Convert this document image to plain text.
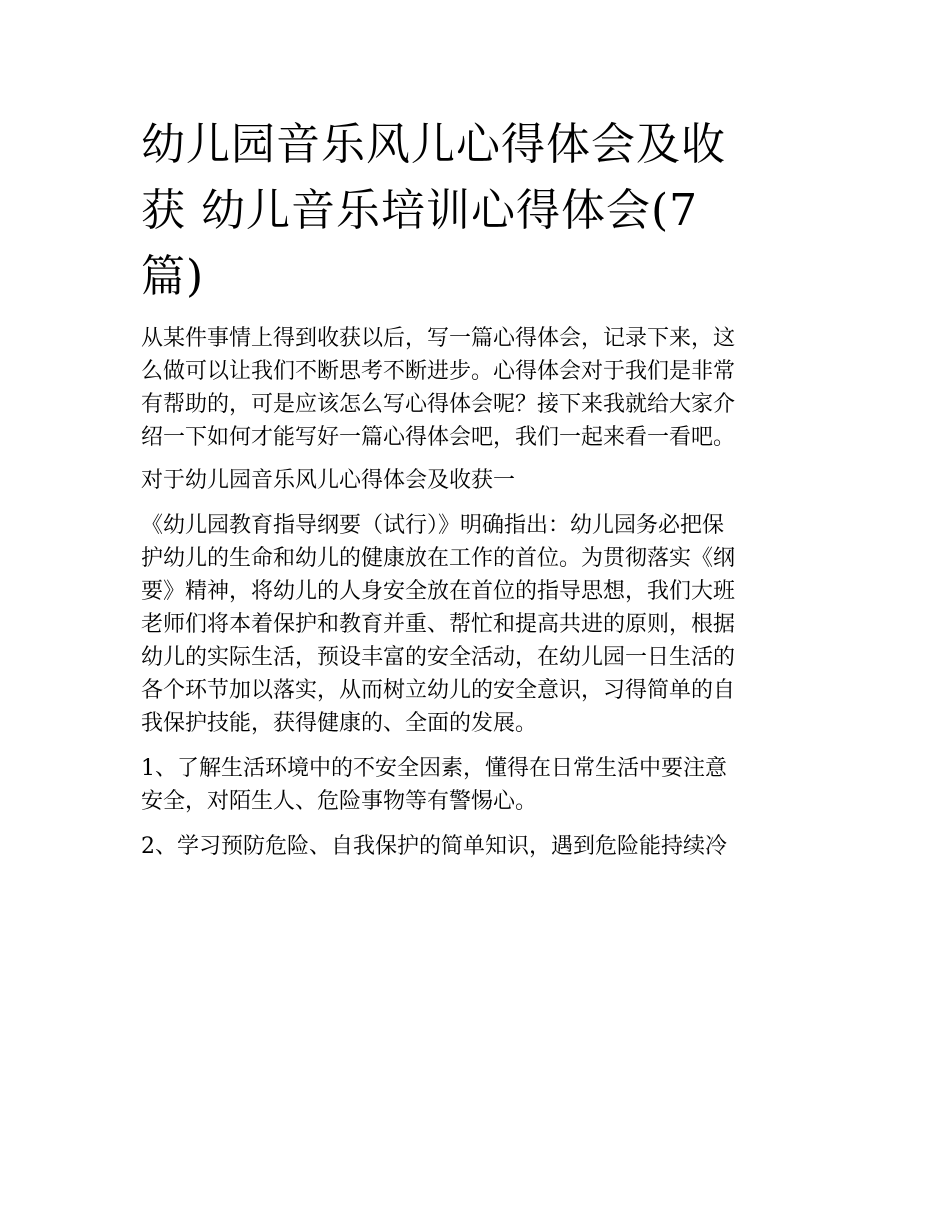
幼儿园音乐风儿心得体会及收
获 幼儿音乐培训心得体会(7
篇)

从某件事情上得到收获以后，写一篇心得体会，记录下来，这
么做可以让我们不断思考不断进步。心得体会对于我们是非常
有帮助的，可是应该怎么写心得体会呢？接下来我就给大家介
绍一下如何才能写好一篇心得体会吧，我们一起来看一看吧。

对于幼儿园音乐风儿心得体会及收获一

《幼儿园教育指导纲要（试行）》明确指出：幼儿园务必把保
护幼儿的生命和幼儿的健康放在工作的首位。为贯彻落实《纲
要》精神，将幼儿的人身安全放在首位的指导思想，我们大班
老师们将本着保护和教育并重、帮忙和提高共进的原则，根据
幼儿的实际生活，预设丰富的安全活动，在幼儿园一日生活的
各个环节加以落实，从而树立幼儿的安全意识，习得简单的自
我保护技能，获得健康的、全面的发展。

1、了解生活环境中的不安全因素，懂得在日常生活中要注意
安全，对陌生人、危险事物等有警惕心。

2、学习预防危险、自我保护的简单知识，遇到危险能持续冷
